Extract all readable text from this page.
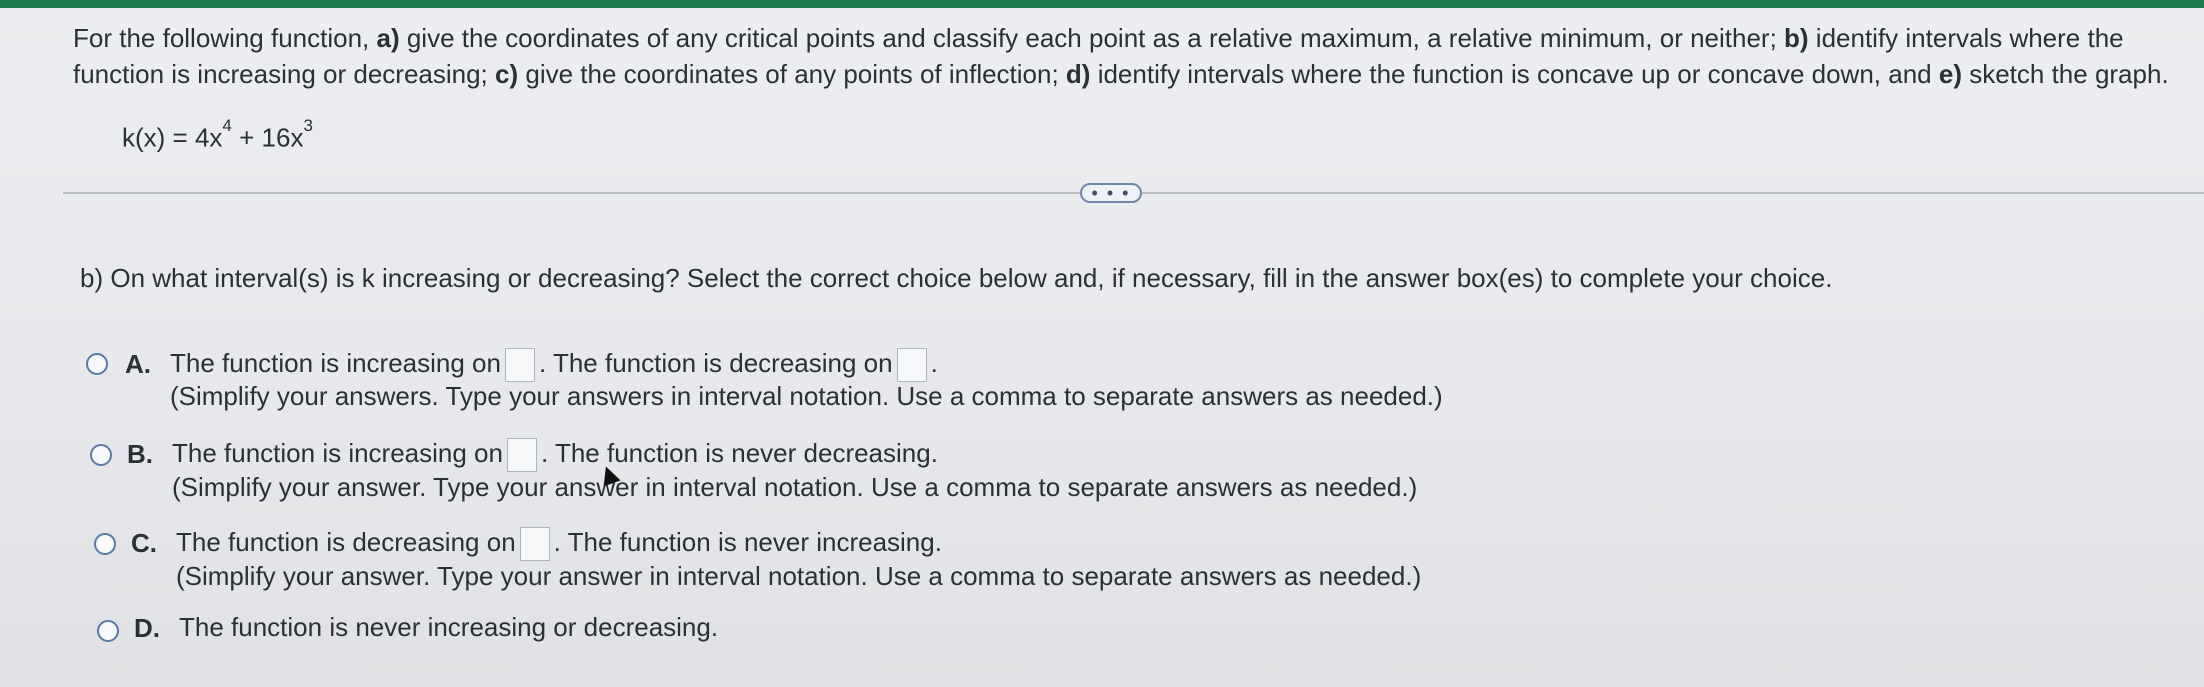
For the following function, a) give the coordinates of any critical points and classify each point as a relative maximum, a relative minimum, or neither; b) identify intervals where the function is increasing or decreasing; c) give the coordinates of any points of inflection; d) identify intervals where the function is concave up or concave down, and e) sketch the graph.
$k(x) = 4x^4 + 16x^3$
• • •
b) On what interval(s) is k increasing or decreasing? Select the correct choice below and, if necessary, fill in the answer box(es) to complete your choice.
A. The function is increasing on . The function is decreasing on .
(Simplify your answers. Type your answers in interval notation. Use a comma to separate answers as needed.)
B. The function is increasing on . The function is never decreasing.
(Simplify your answer. Type your answer in interval notation. Use a comma to separate answers as needed.)
C. The function is decreasing on . The function is never increasing.
(Simplify your answer. Type your answer in interval notation. Use a comma to separate answers as needed.)
D. The function is never increasing or decreasing.
